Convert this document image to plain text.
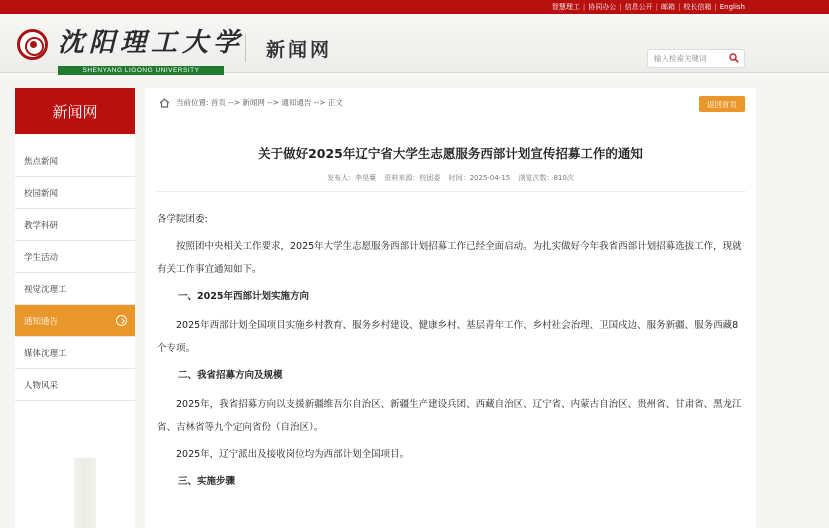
智慧理工 | 协同办公 | 信息公开 | 邮箱 | 校长信箱 | English
沈阳理工大学
SHENYANG LIGONG UNIVERSITY
新闻网
输入检索关键词
新闻网
焦点新闻
校园新闻
教学科研
学生活动
视觉沈理工
通知通告
媒体沈理工
人物风采
当前位置: 首页 --> 新闻网 --> 通知通告 --> 正文	返回首页
关于做好2025年辽宁省大学生志愿服务西部计划宣传招募工作的通知
发布人：李昊篥 资料来源：校团委 时间：2025-04-15 浏览次数：810次

各学院团委:

按照团中央相关工作要求，2025年大学生志愿服务西部计划招募工作已经全面启动。为扎实做好今年我省西部计划招募选拔工作，现就有关工作事宜通知如下。

一、2025年西部计划实施方向

2025年西部计划全国项目实施乡村教育、服务乡村建设、健康乡村、基层青年工作、乡村社会治理、卫国戍边、服务新疆、服务西藏8个专项。

二、我省招募方向及规模

2025年，我省招募方向以支援新疆维吾尔自治区、新疆生产建设兵团、西藏自治区、辽宁省、内蒙古自治区、贵州省、甘肃省、黑龙江省、吉林省等九个定向省份（自治区）。

2025年，辽宁派出及接收岗位均为西部计划全国项目。

三、实施步骤
